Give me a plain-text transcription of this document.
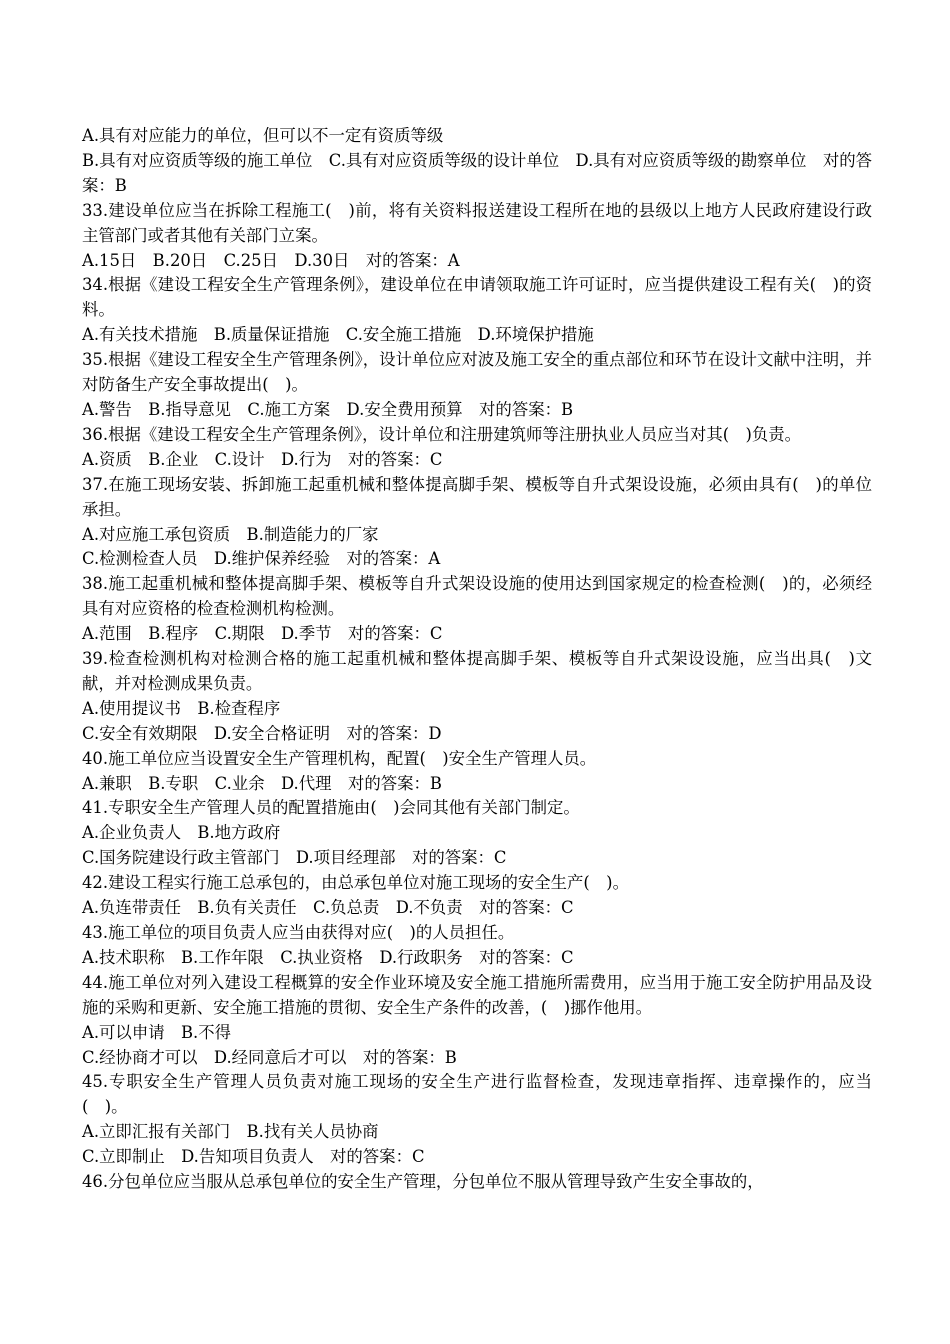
A.具有对应能力的单位，但可以不一定有资质等级

B.具有对应资质等级的施工单位　C.具有对应资质等级的设计单位　D.具有对应资质等级的勘察单位　对的答案：B

33.建设单位应当在拆除工程施工(　)前，将有关资料报送建设工程所在地的县级以上地方人民政府建设行政主管部门或者其他有关部门立案。

A.15日　B.20日　C.25日　D.30日　对的答案：A

34.根据《建设工程安全生产管理条例》，建设单位在申请领取施工许可证时，应当提供建设工程有关(　)的资料。

A.有关技术措施　B.质量保证措施　C.安全施工措施　D.环境保护措施

35.根据《建设工程安全生产管理条例》，设计单位应对波及施工安全的重点部位和环节在设计文献中注明，并对防备生产安全事故提出(　)。

A.警告　B.指导意见　C.施工方案　D.安全费用预算　对的答案：B

36.根据《建设工程安全生产管理条例》，设计单位和注册建筑师等注册执业人员应当对其(　)负责。

A.资质　B.企业　C.设计　D.行为　对的答案：C

37.在施工现场安装、拆卸施工起重机械和整体提高脚手架、模板等自升式架设设施，必须由具有(　)的单位承担。

A.对应施工承包资质　B.制造能力的厂家

C.检测检查人员　D.维护保养经验　对的答案：A

38.施工起重机械和整体提高脚手架、模板等自升式架设设施的使用达到国家规定的检查检测(　)的，必须经具有对应资格的检查检测机构检测。

A.范围　B.程序　C.期限　D.季节　对的答案：C

39.检查检测机构对检测合格的施工起重机械和整体提高脚手架、模板等自升式架设设施，应当出具(　)文献，并对检测成果负责。

A.使用提议书　B.检查程序

C.安全有效期限　D.安全合格证明　对的答案：D

40.施工单位应当设置安全生产管理机构，配置(　)安全生产管理人员。

A.兼职　B.专职　C.业余　D.代理　对的答案：B

41.专职安全生产管理人员的配置措施由(　)会同其他有关部门制定。

A.企业负责人　B.地方政府

C.国务院建设行政主管部门　D.项目经理部　对的答案：C

42.建设工程实行施工总承包的，由总承包单位对施工现场的安全生产(　)。

A.负连带责任　B.负有关责任　C.负总责　D.不负责　对的答案：C

43.施工单位的项目负责人应当由获得对应(　)的人员担任。

A.技术职称　B.工作年限　C.执业资格　D.行政职务　对的答案：C

44.施工单位对列入建设工程概算的安全作业环境及安全施工措施所需费用，应当用于施工安全防护用品及设施的采购和更新、安全施工措施的贯彻、安全生产条件的改善，(　)挪作他用。

A.可以申请　B.不得

C.经协商才可以　D.经同意后才可以　对的答案：B

45.专职安全生产管理人员负责对施工现场的安全生产进行监督检查，发现违章指挥、违章操作的，应当(　)。

A.立即汇报有关部门　B.找有关人员协商

C.立即制止　D.告知项目负责人　对的答案：C

46.分包单位应当服从总承包单位的安全生产管理，分包单位不服从管理导致产生安全事故的，
